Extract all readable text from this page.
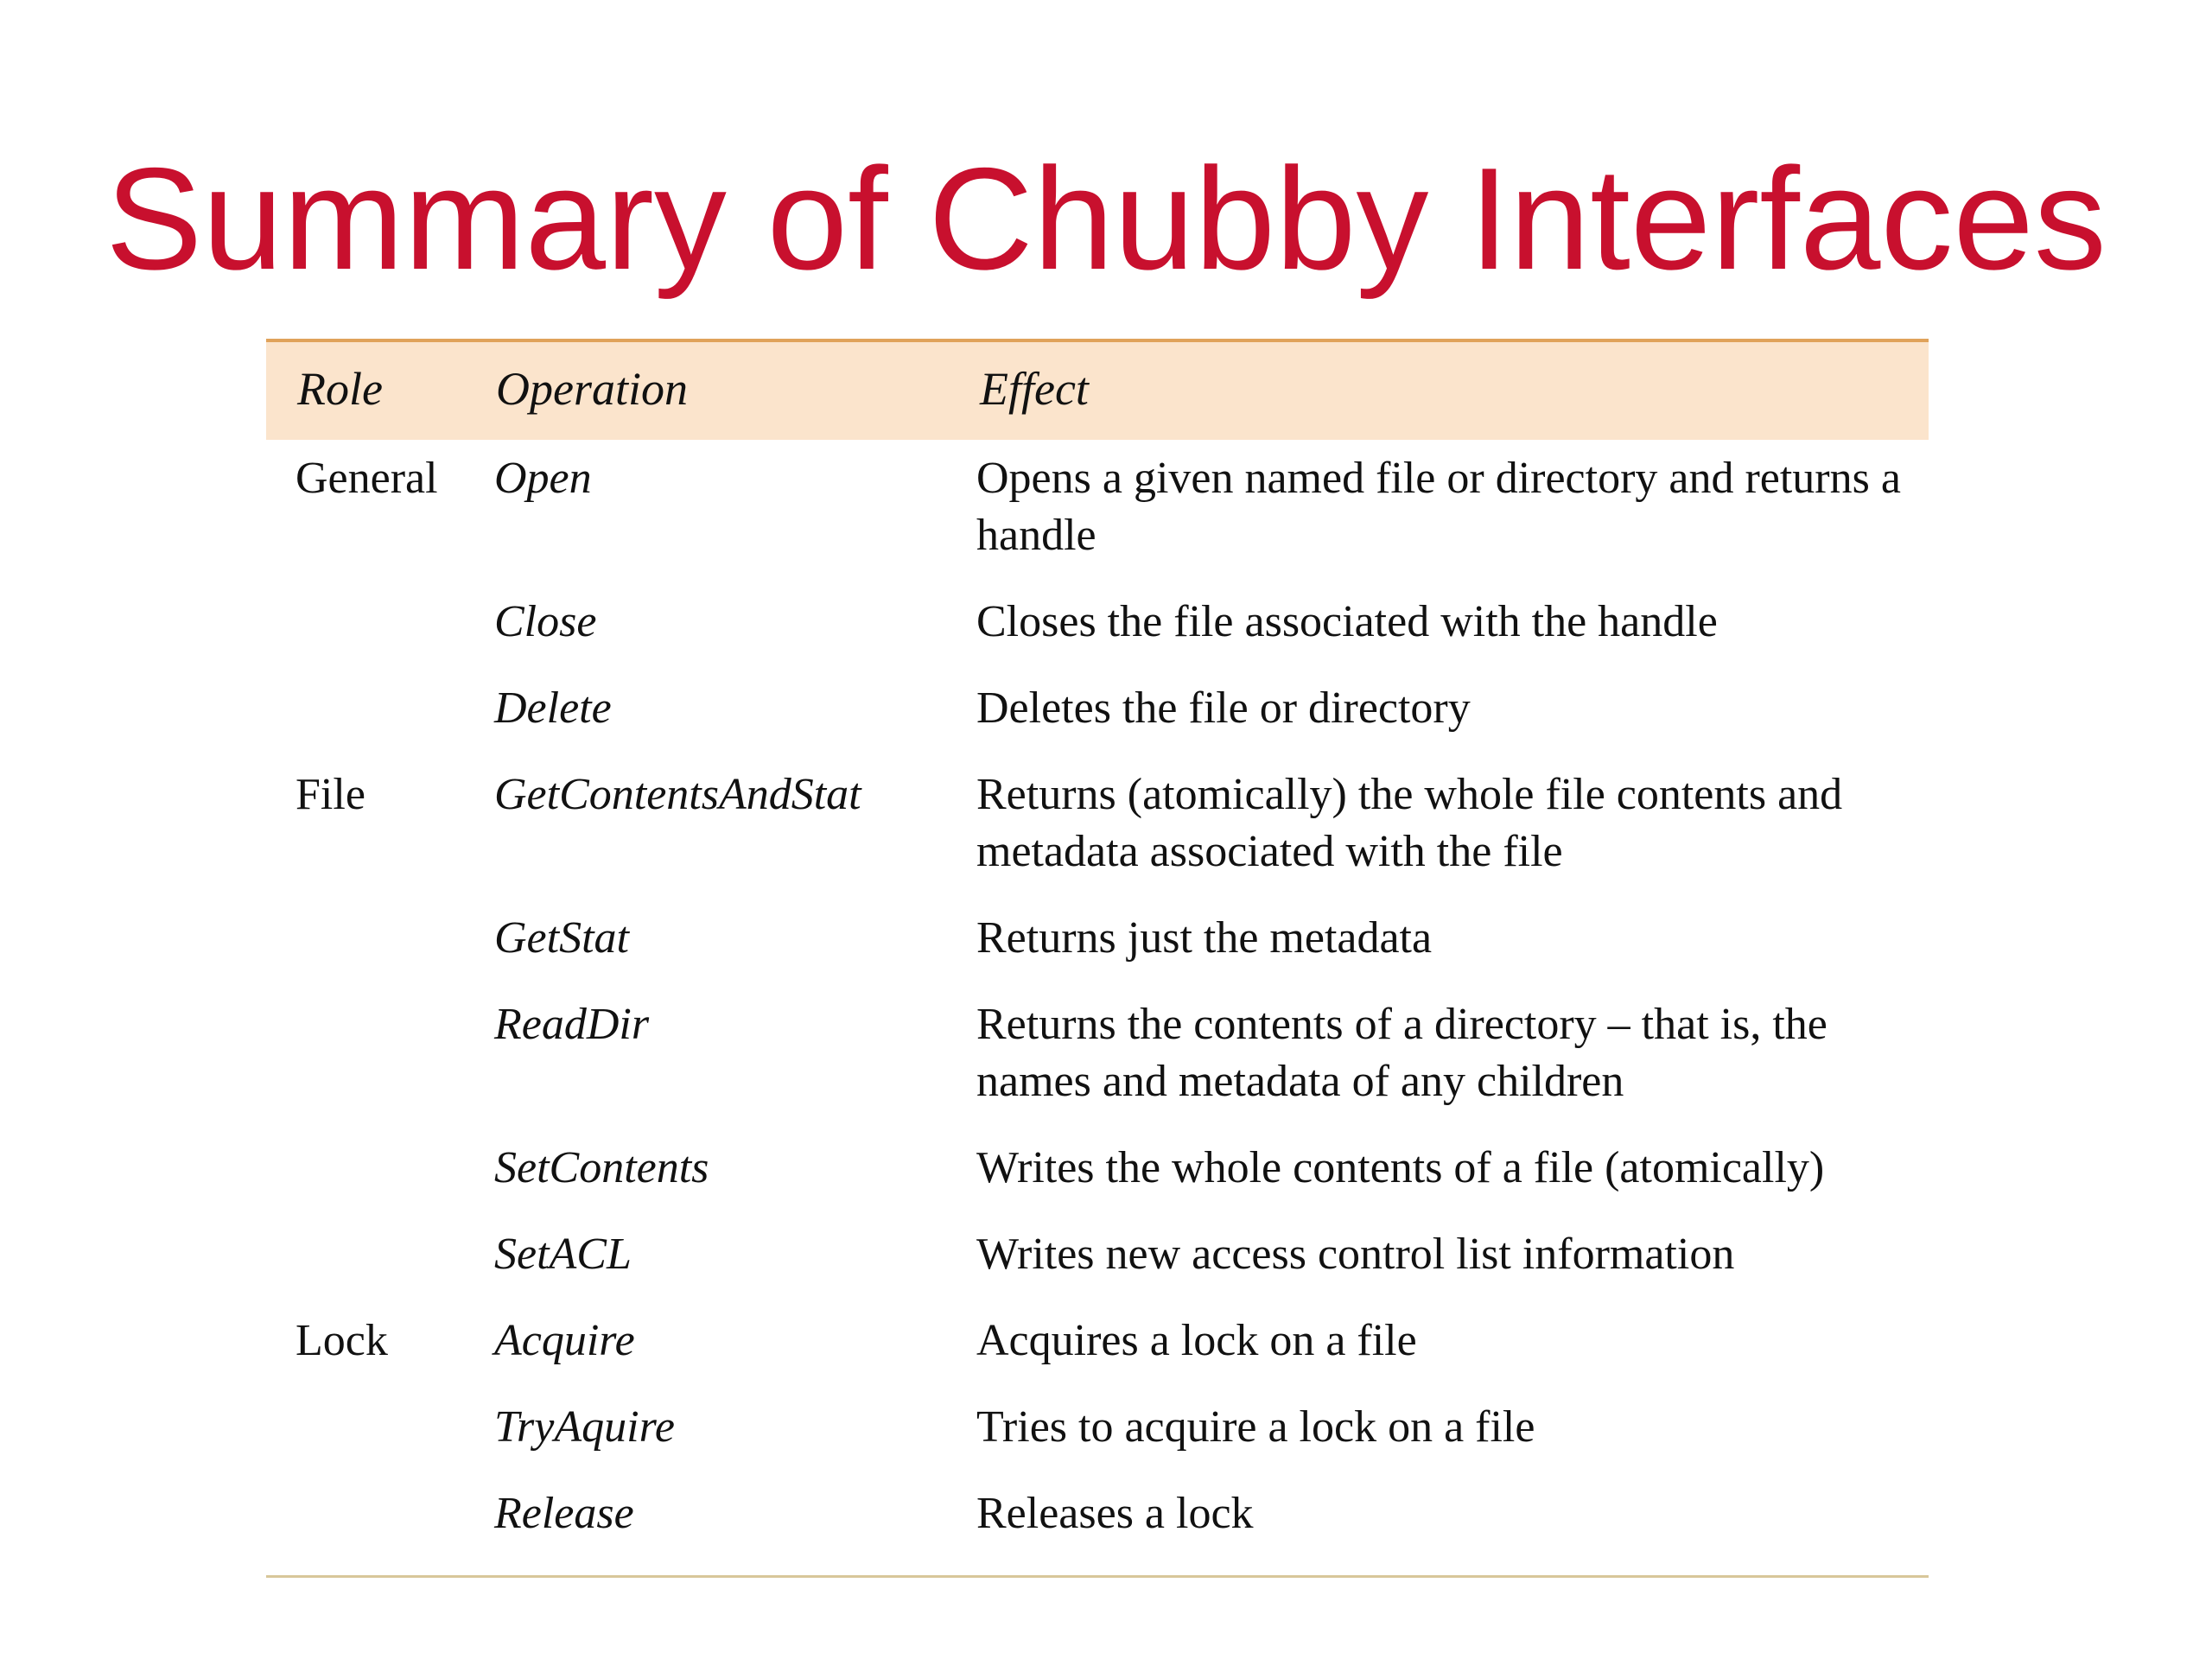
Summary of Chubby Interfaces
Role	Operation	Effect
General	Open	Opens a given named file or directory and returns a handle
	Close	Closes the file associated with the handle
	Delete	Deletes the file or directory
File	GetContentsAndStat	Returns (atomically) the whole file contents and metadata associated with the file
	GetStat	Returns just the metadata
	ReadDir	Returns the contents of a directory – that is, the names and metadata of any children
	SetContents	Writes the whole contents of a file (atomically)
	SetACL	Writes new access control list information
Lock	Acquire	Acquires a lock on a file
	TryAquire	Tries to acquire a lock on a file
	Release	Releases a lock
